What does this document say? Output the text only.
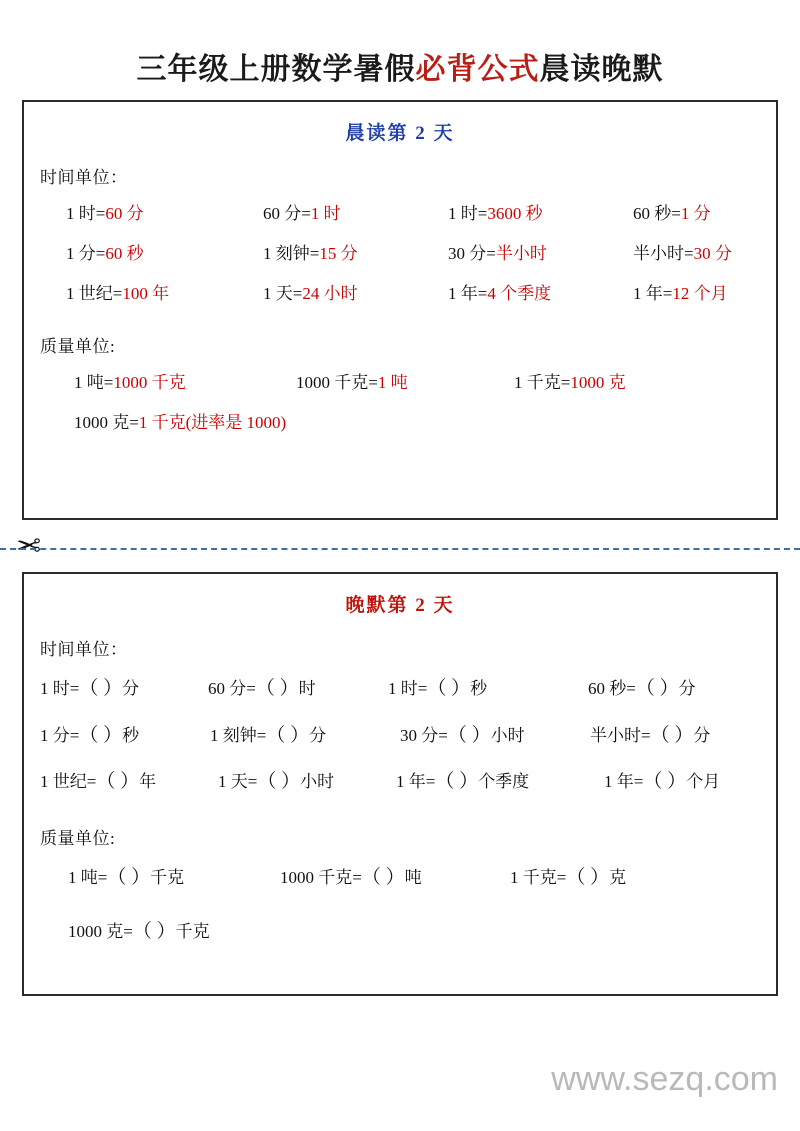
三年级上册数学暑假必背公式晨读晚默
晨读第 2 天
时间单位：
1 时=60 分	60 分=1 时	1 时=3600 秒	60 秒=1 分
1 分=60 秒	1 刻钟=15 分	30 分=半小时	半小时=30 分
1 世纪=100 年	1 天=24 小时	1 年=4 个季度	1 年=12 个月
质量单位:
1 吨=1000 千克	1000 千克=1 吨	1 千克=1000 克
1000 克=1 千克(进率是 1000)
✂
晚默第 2 天
时间单位：
1 时=（ ）分	60 分=（ ）时	1 时=（ ）秒	60 秒=（ ）分
1 分=（ ）秒	1 刻钟=（ ）分	30 分=（ ）小时	半小时=（ ）分
1 世纪=（ ）年	1 天=（ ）小时	1 年=（ ）个季度	1 年=（ ）个月
质量单位:
1 吨=（ ）千克	1000 千克=（ ）吨	1 千克=（ ）克
1000 克=（ ）千克
www.sezq.com
